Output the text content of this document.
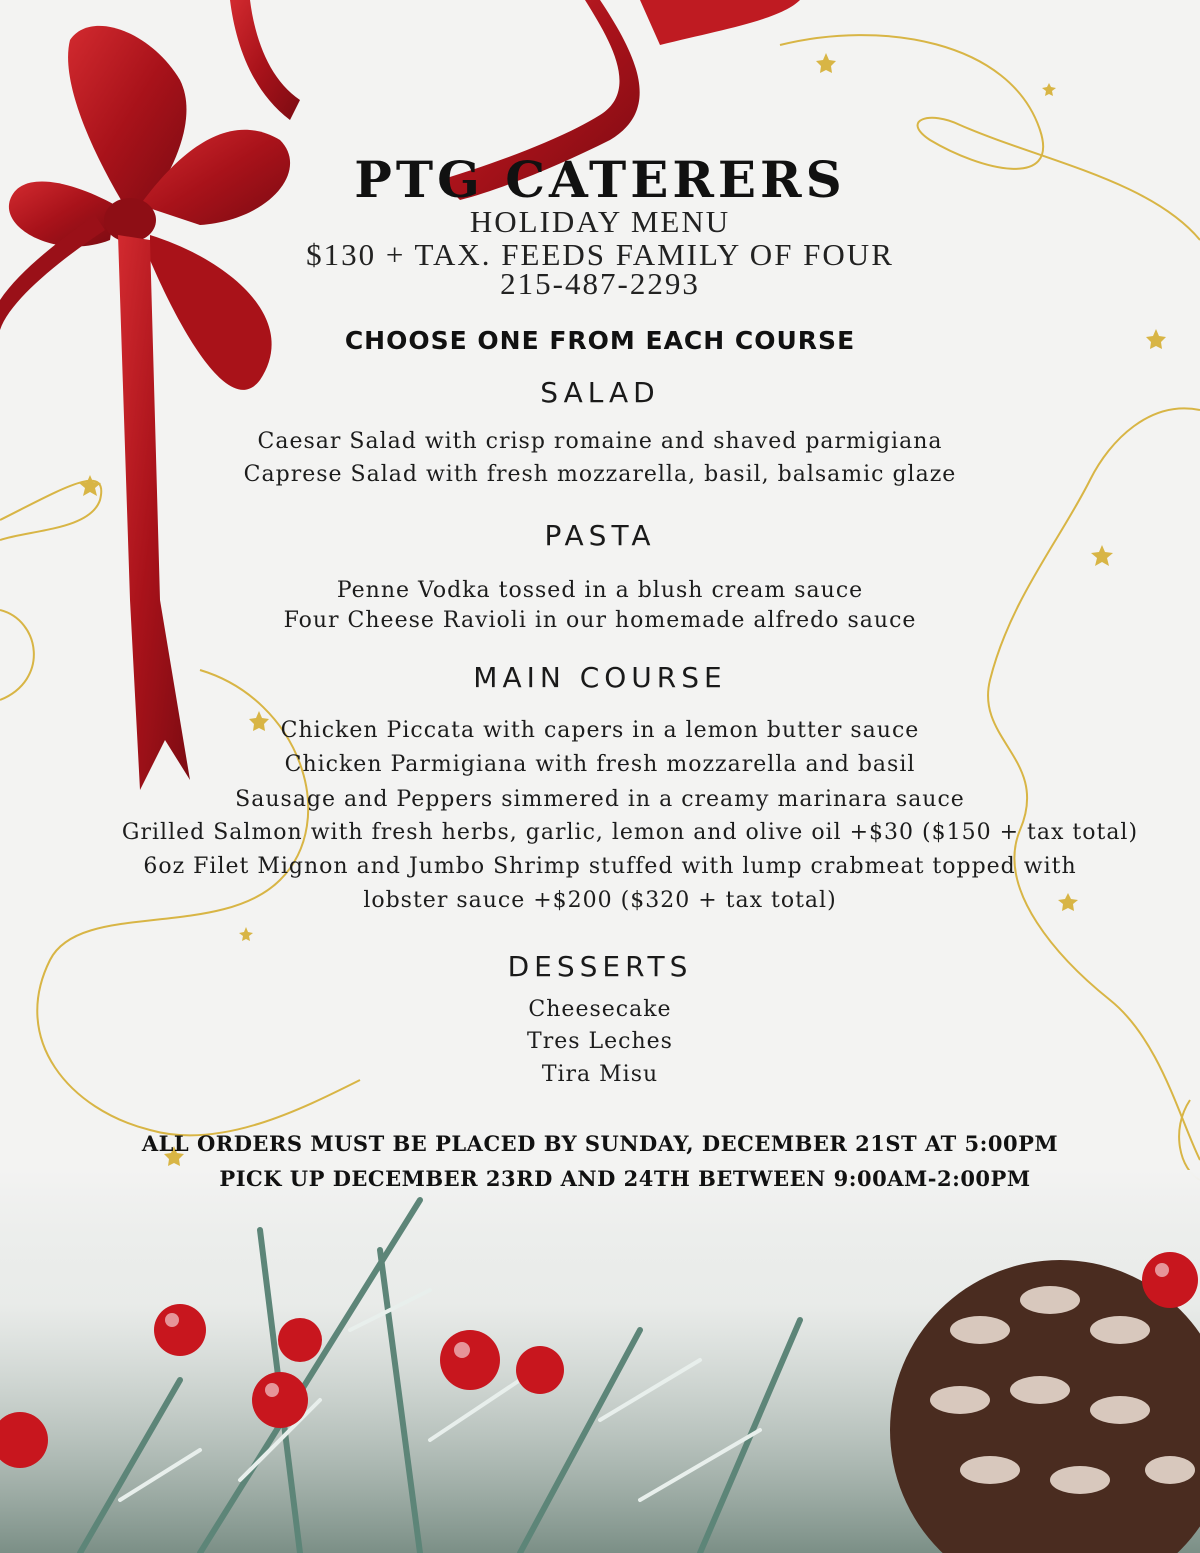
PTG CATERERS
HOLIDAY MENU
$130 + TAX. FEEDS FAMILY OF FOUR
215-487-2293
CHOOSE ONE FROM EACH COURSE
SALAD
Caesar Salad with crisp romaine and shaved parmigiana
Caprese Salad with fresh mozzarella, basil, balsamic glaze
PASTA
Penne Vodka tossed in a blush cream sauce
Four Cheese Ravioli in our homemade alfredo sauce
MAIN COURSE
Chicken Piccata with capers in a lemon butter sauce
Chicken Parmigiana with fresh mozzarella and basil
Sausage and Peppers simmered in a creamy marinara sauce
Grilled Salmon with fresh herbs, garlic, lemon and olive oil +$30 ($150 + tax total)
6oz Filet Mignon and Jumbo Shrimp stuffed with lump crabmeat topped with
lobster sauce +$200 ($320 + tax total)
DESSERTS
Cheesecake
Tres Leches
Tira Misu
ALL ORDERS MUST BE PLACED BY SUNDAY, DECEMBER 21ST AT 5:00PM
PICK UP DECEMBER 23RD AND 24TH BETWEEN 9:00AM-2:00PM
